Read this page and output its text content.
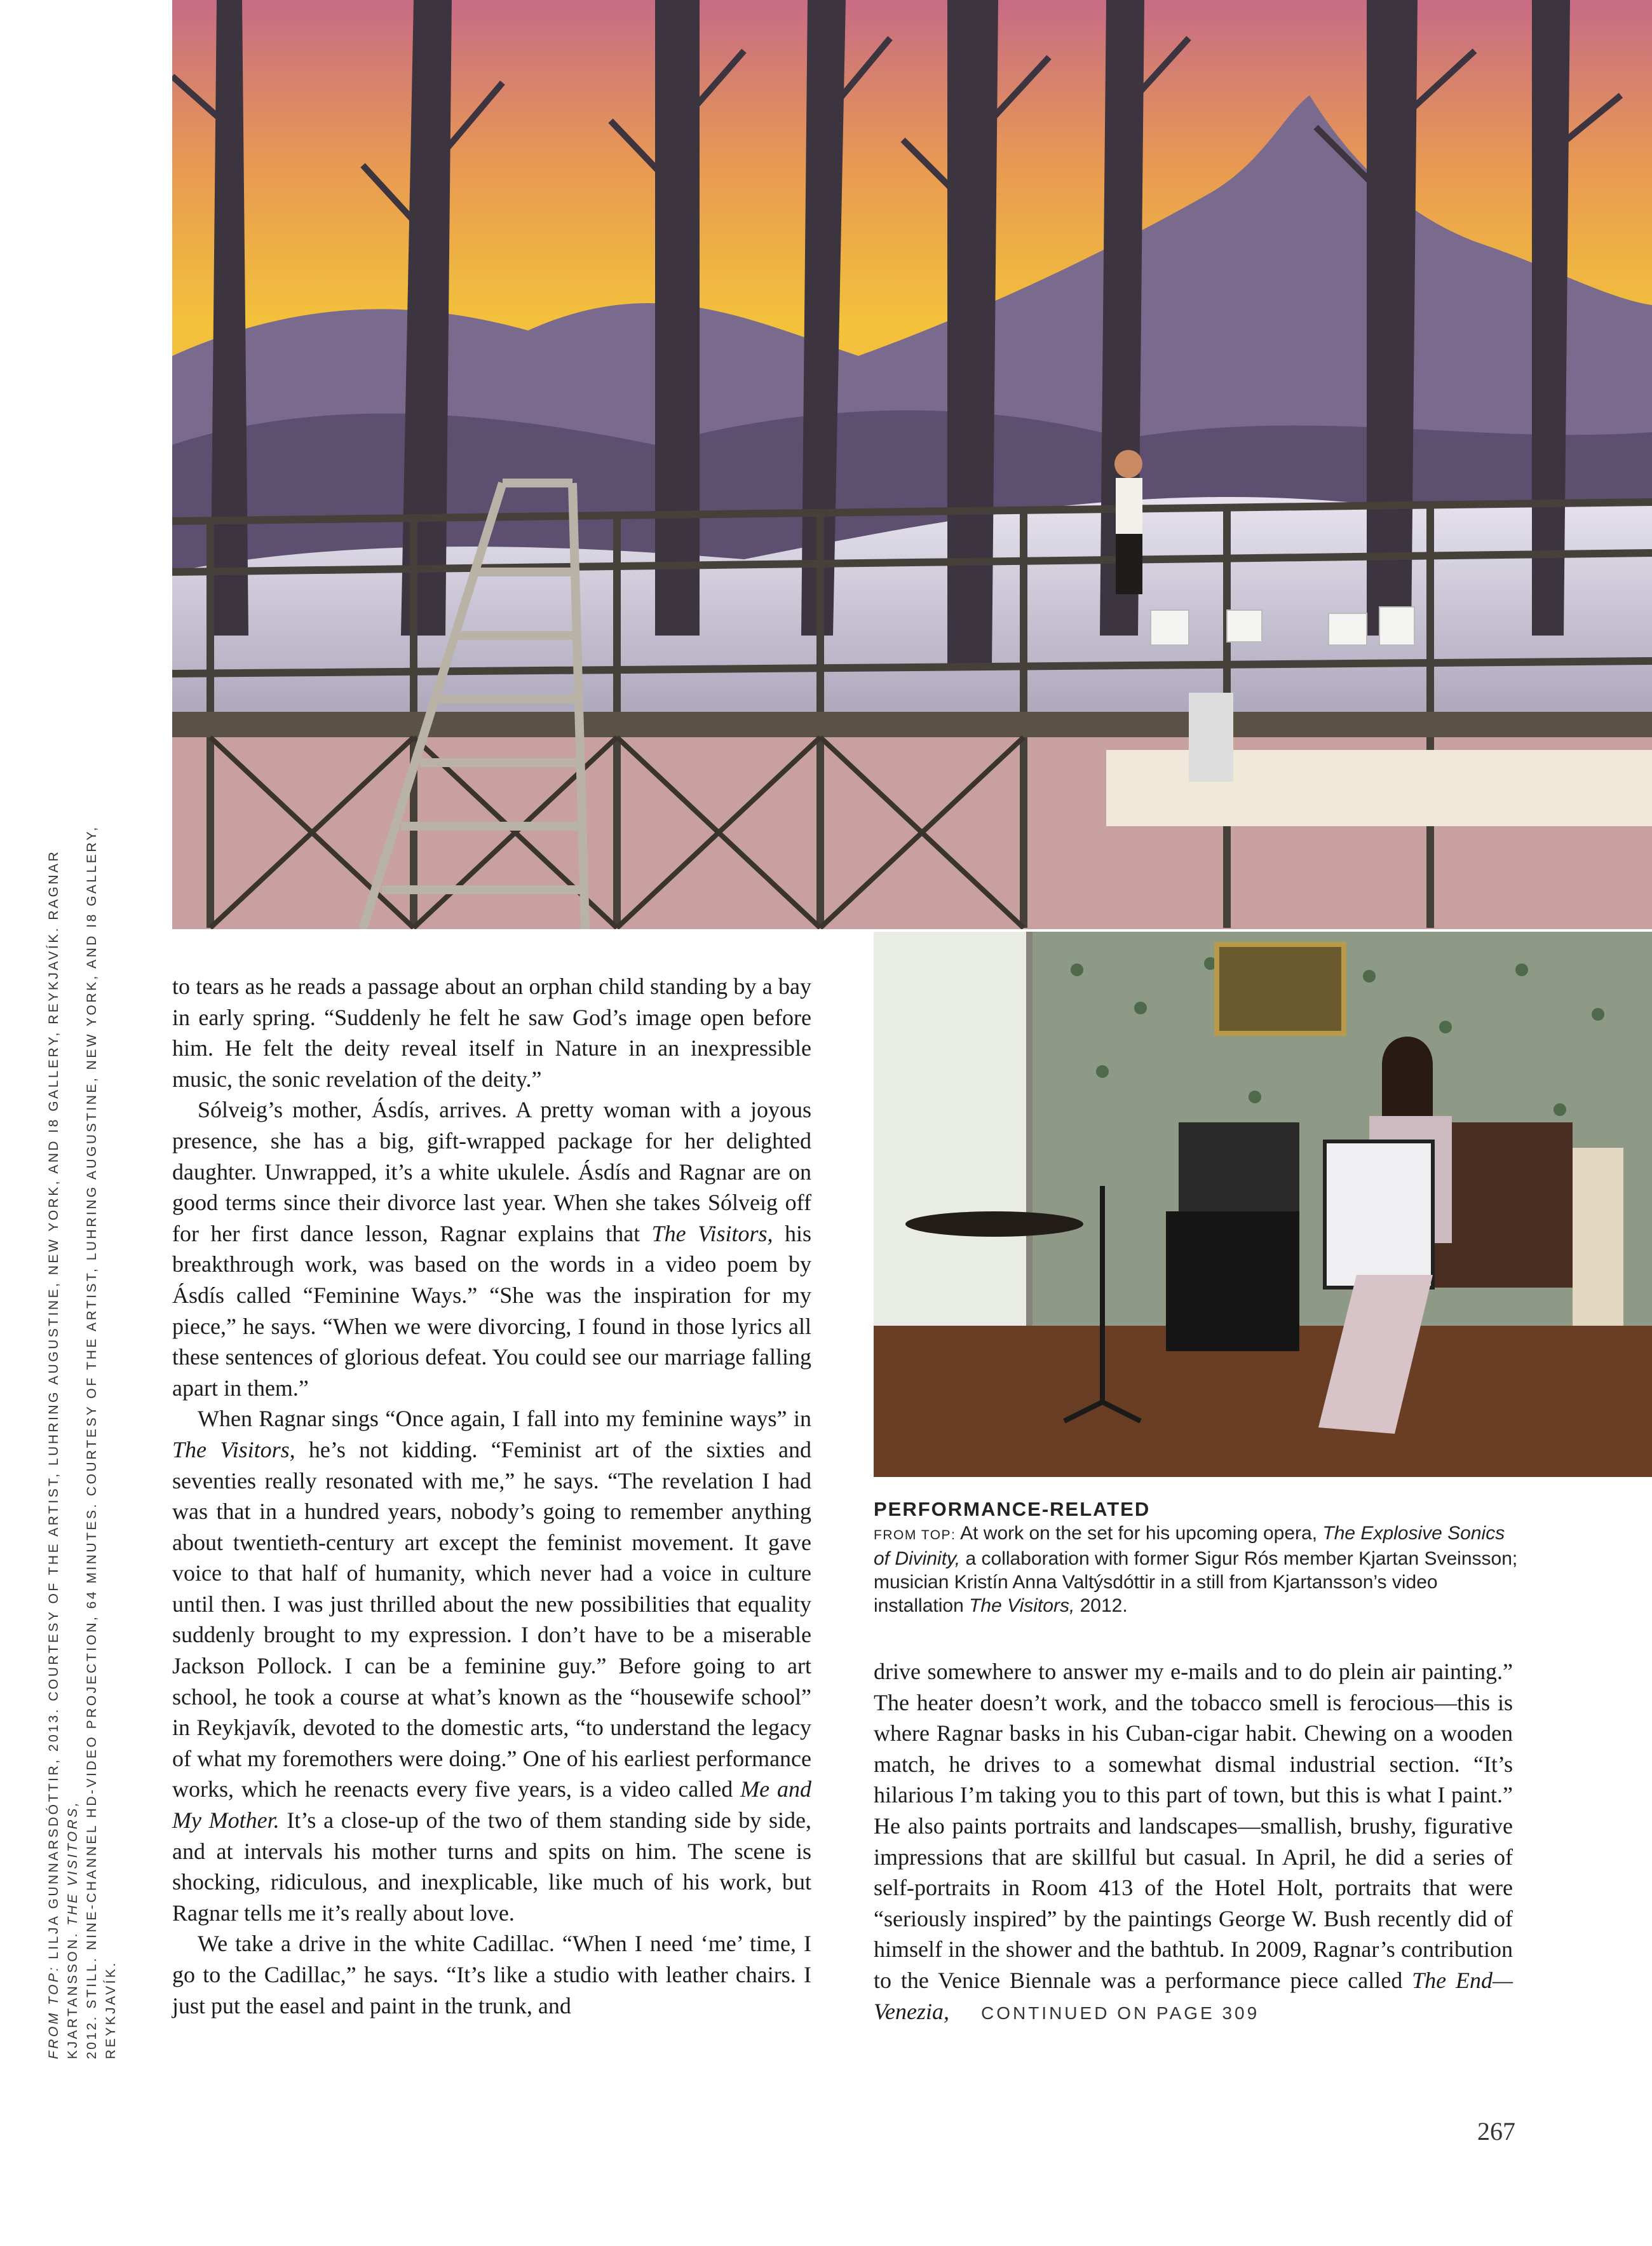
FROM TOP: LILJA GUNNARSDÓTTIR, 2013. COURTESY OF THE ARTIST, LUHRING AUGUSTINE, NEW YORK, AND I8 GALLERY, REYKJAVÍK. RAGNAR KJARTANSSON. THE VISITORS, 2012. STILL. NINE-CHANNEL HD-VIDEO PROJECTION, 64 MINUTES. COURTESY OF THE ARTIST, LUHRING AUGUSTINE, NEW YORK, AND I8 GALLERY, REYKJAVÍK.

to tears as he reads a passage about an orphan child standing by a bay in early spring. “Suddenly he felt he saw God’s image open before him. He felt the deity reveal itself in Nature in an inexpressible music, the sonic revelation of the deity.”

Sólveig’s mother, Ásdís, arrives. A pretty woman with a joyous presence, she has a big, gift-wrapped package for her delighted daughter. Unwrapped, it’s a white ukulele. Ásdís and Ragnar are on good terms since their divorce last year. When she takes Sólveig off for her first dance lesson, Ragnar explains that The Visitors, his breakthrough work, was based on the words in a video poem by Ásdís called “Feminine Ways.” “She was the inspiration for my piece,” he says. “When we were divorcing, I found in those lyrics all these sentences of glorious defeat. You could see our marriage falling apart in them.”

When Ragnar sings “Once again, I fall into my feminine ways” in The Visitors, he’s not kidding. “Feminist art of the sixties and seventies really resonated with me,” he says. “The revelation I had was that in a hundred years, nobody’s going to remember anything about twentieth-century art except the feminist movement. It gave voice to that half of humanity, which never had a voice in culture until then. I was just thrilled about the new possibilities that equality suddenly brought to my expression. I don’t have to be a miserable Jackson Pollock. I can be a feminine guy.” Before going to art school, he took a course at what’s known as the “housewife school” in Reykjavík, devoted to the domestic arts, “to understand the legacy of what my foremothers were doing.” One of his earliest performance works, which he reenacts every five years, is a video called Me and My Mother. It’s a close-up of the two of them standing side by side, and at intervals his mother turns and spits on him. The scene is shocking, ridiculous, and inexplicable, like much of his work, but Ragnar tells me it’s really about love.

We take a drive in the white Cadillac. “When I need ‘me’ time, I go to the Cadillac,” he says. “It’s like a studio with leather chairs. I just put the easel and paint in the trunk, and

PERFORMANCE-RELATED

FROM TOP: At work on the set for his upcoming opera, The Explosive Sonics of Divinity, a collaboration with former Sigur Rós member Kjartan Sveinsson; musician Kristín Anna Valtýsdóttir in a still from Kjartansson’s video installation The Visitors, 2012.

drive somewhere to answer my e-mails and to do plein air painting.” The heater doesn’t work, and the tobacco smell is ferocious—this is where Ragnar basks in his Cuban-cigar habit. Chewing on a wooden match, he drives to a somewhat dismal industrial section. “It’s hilarious I’m taking you to this part of town, but this is what I paint.” He also paints portraits and landscapes—smallish, brushy, figurative impressions that are skillful but casual. In April, he did a series of self-portraits in Room 413 of the Hotel Holt, portraits that were “seriously inspired” by the paintings George W. Bush recently did of himself in the shower and the bathtub. In 2009, Ragnar’s contribution to the Venice Biennale was a performance piece called The End—Venezia, CONTINUED ON PAGE 309

267
